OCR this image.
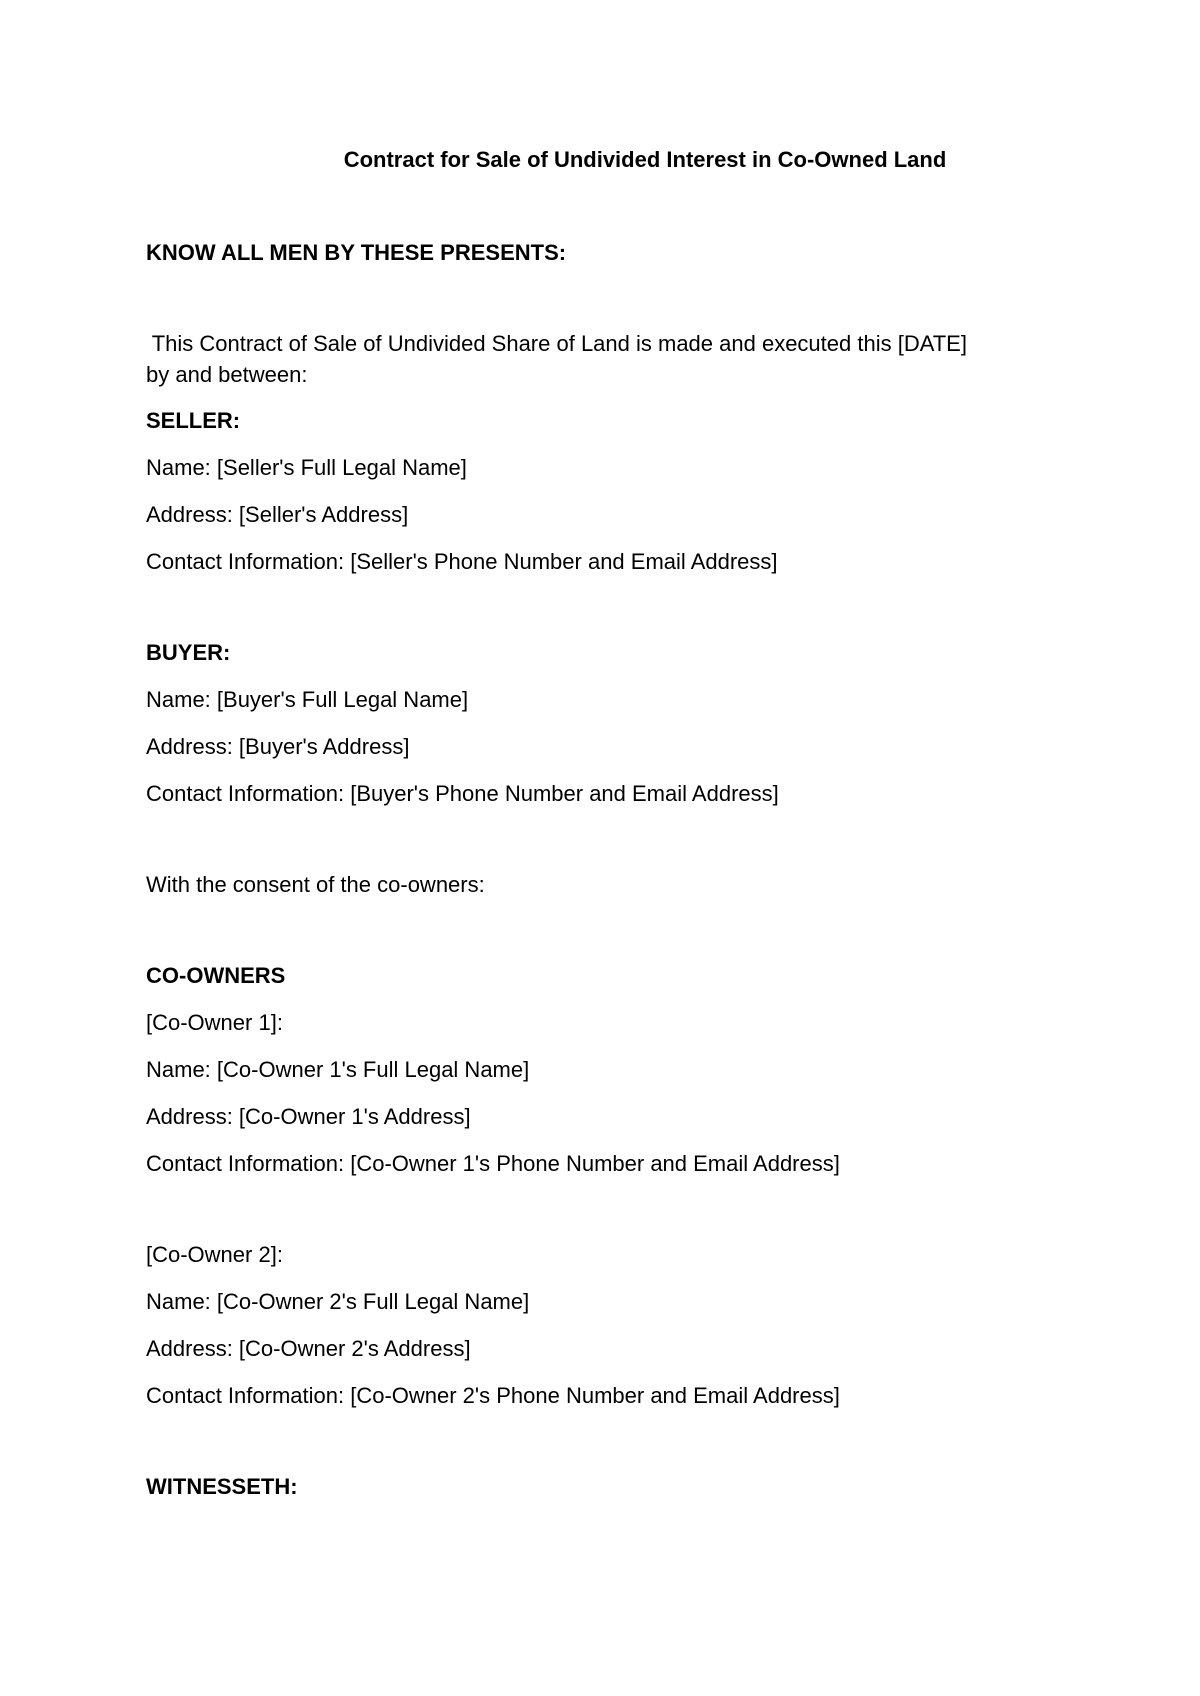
Contract for Sale of Undivided Interest in Co-Owned Land
KNOW ALL MEN BY THESE PRESENTS:
This Contract of Sale of Undivided Share of Land is made and executed this [DATE]
by and between:
SELLER:
Name: [Seller's Full Legal Name]
Address: [Seller's Address]
Contact Information: [Seller's Phone Number and Email Address]
BUYER:
Name: [Buyer's Full Legal Name]
Address: [Buyer's Address]
Contact Information: [Buyer's Phone Number and Email Address]
With the consent of the co-owners:
CO-OWNERS
[Co-Owner 1]:
Name: [Co-Owner 1's Full Legal Name]
Address: [Co-Owner 1's Address]
Contact Information: [Co-Owner 1's Phone Number and Email Address]
[Co-Owner 2]:
Name: [Co-Owner 2's Full Legal Name]
Address: [Co-Owner 2's Address]
Contact Information: [Co-Owner 2's Phone Number and Email Address]
WITNESSETH:
